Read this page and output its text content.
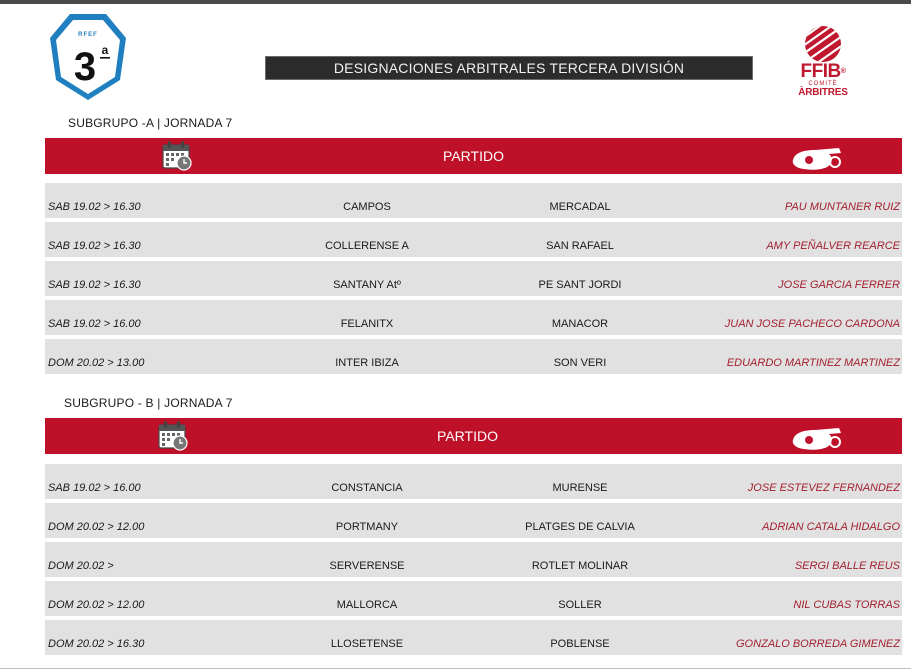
RFEF
3 a
DESIGNACIONES ARBITRALES TERCERA DIVISIÓN	FFIB®
COMITÈ
ÀRBITRES
SUBGRUPO -A | JORNADA 7
PARTIDO
SAB 19.02 > 16.30	CAMPOS	MERCADAL	PAU MUNTANER RUIZ
SAB 19.02 > 16.30	COLLERENSE A	SAN RAFAEL	AMY PEÑALVER REARCE
SAB 19.02 > 16.30	SANTANY Atº	PE SANT JORDI	JOSE GARCIA FERRER
SAB 19.02 > 16.00	FELANITX	MANACOR	JUAN JOSE PACHECO CARDONA
DOM 20.02 > 13.00	INTER IBIZA	SON VERI	EDUARDO MARTINEZ MARTINEZ
SUBGRUPO - B | JORNADA 7
PARTIDO
SAB 19.02 > 16.00	CONSTANCIA	MURENSE	JOSE ESTEVEZ FERNANDEZ
DOM 20.02 > 12.00	PORTMANY	PLATGES DE CALVIA	ADRIAN CATALA HIDALGO
DOM 20.02 >	SERVERENSE	ROTLET MOLINAR	SERGI BALLE REUS
DOM 20.02 > 12.00	MALLORCA	SOLLER	NIL CUBAS TORRAS
DOM 20.02 > 16.30	LLOSETENSE	POBLENSE	GONZALO BORREDA GIMENEZ
